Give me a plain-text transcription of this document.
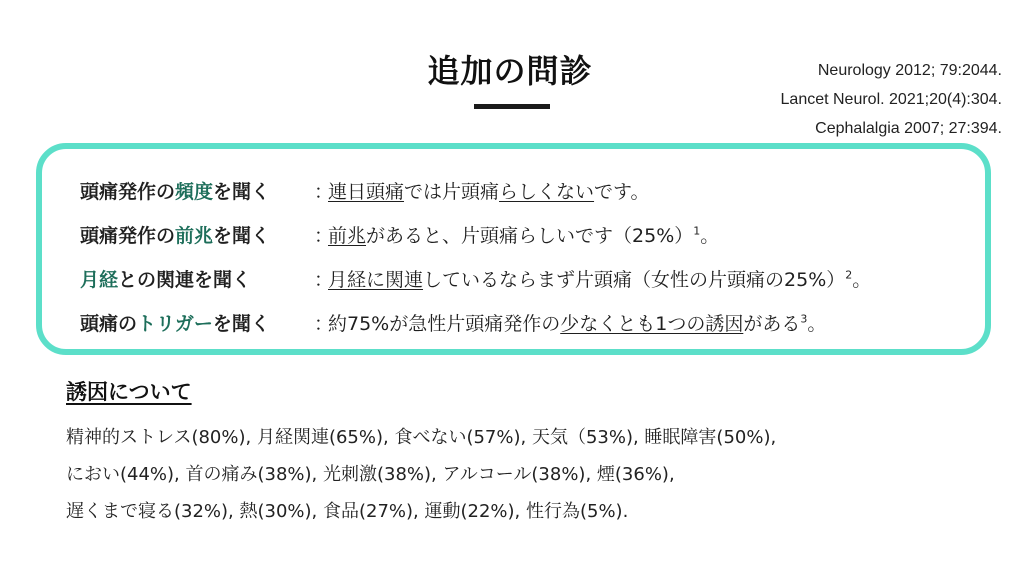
追加の問診	Neurology 2012; 79:2044.
Lancet Neurol. 2021;20(4):304.
Cephalalgia 2007; 27:394.
頭痛発作の頻度を聞く ：連日頭痛では片頭痛らしくないです。
頭痛発作の前兆を聞く ：前兆があると、片頭痛らしいです$(25\%)^1$。
月経との関連を聞く	：月経に関連しているならまず片頭痛（女性の片頭痛の25%）$^2$。
頭痛のトリガーを聞く ：約75%が急性片頭痛発作の少なくとも1つの誘因がある$^3$。
誘因について
精神的ストレス(80%), 月経関連(65%), 食べない(57%), 天気（53%), 睡眠障害(50%),
におい(44%), 首の痛み(38%), 光刺激(38%), アルコール(38%), 煙(36%),
遅くまで寝る(32%), 熱(30%), 食品(27%), 運動(22%), 性行為(5%).
